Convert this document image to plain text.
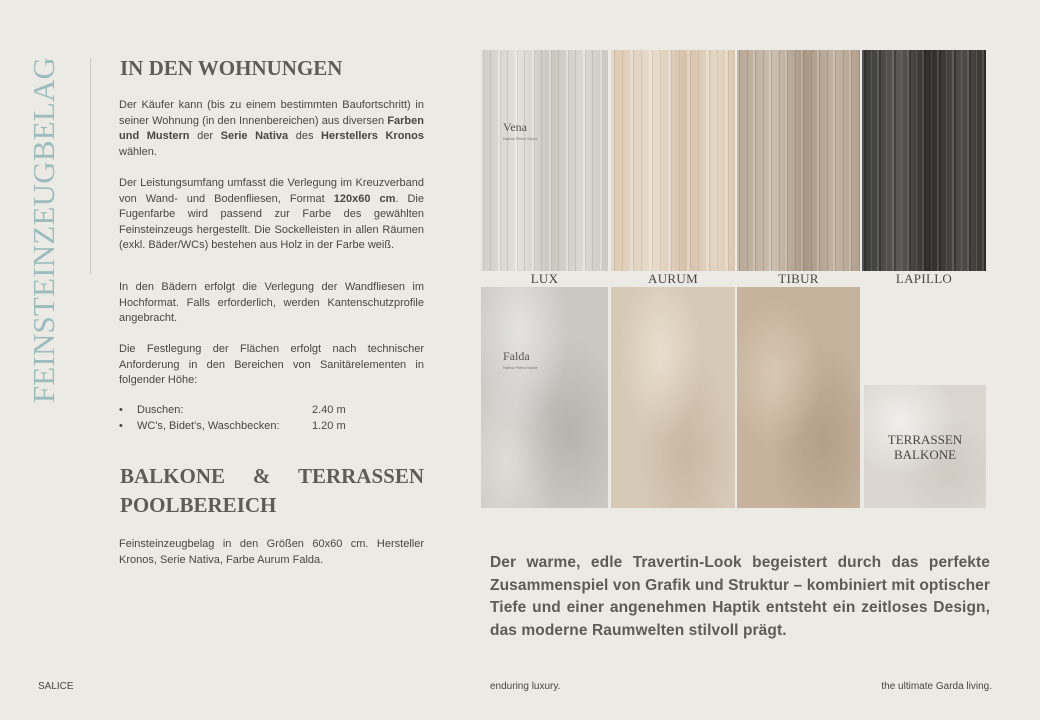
FEINSTEINZEUGBELAG	IN DEN WOHNUNGEN

Der Käufer kann (bis zu einem bestimmten Baufortschritt) in seiner Wohnung (in den Innenbereichen) aus diversen Farben und Mustern der Serie Nativa des Herstellers Kronos wählen.

Der Leistungsumfang umfasst die Verlegung im Kreuzverband von Wand- und Bodenfliesen, Format 120x60 cm. Die Fugenfarbe wird passend zur Farbe des gewählten Feinsteinzeugs hergestellt. Die Sockelleisten in allen Räumen (exkl. Bäder/WCs) bestehen aus Holz in der Farbe weiß.

In den Bädern erfolgt die Verlegung der Wandfliesen im Hochformat. Falls erforderlich, werden Kantenschutzprofile angebracht.

Die Festlegung der Flächen erfolgt nach technischer Anforderung in den Bereichen von Sanitärelementen in folgender Höhe:

•	Duschen:	2.40 m
•	WC's, Bidet's, Waschbecken:	1.20 m
BALKONE & TERRASSEN
POOLBEREICH

Feinsteinzeugbelag in den Größen 60x60 cm. Hersteller Kronos, Serie Nativa, Farbe Aurum Falda.

Vena
Nativa Pietra Stone
LUX	AURUM	TIBUR	LAPILLO
Falda
Nativa Pietra Stone
TERRASSEN
BALKONE

Der warme, edle Travertin-Look begeistert durch das perfekte Zusammenspiel von Grafik und Struktur – kombiniert mit optischer Tiefe und einer angenehmen Haptik entsteht ein zeitloses Design, das moderne Raumwelten stilvoll prägt.

SALICE	enduring luxury.	the ultimate Garda living.
